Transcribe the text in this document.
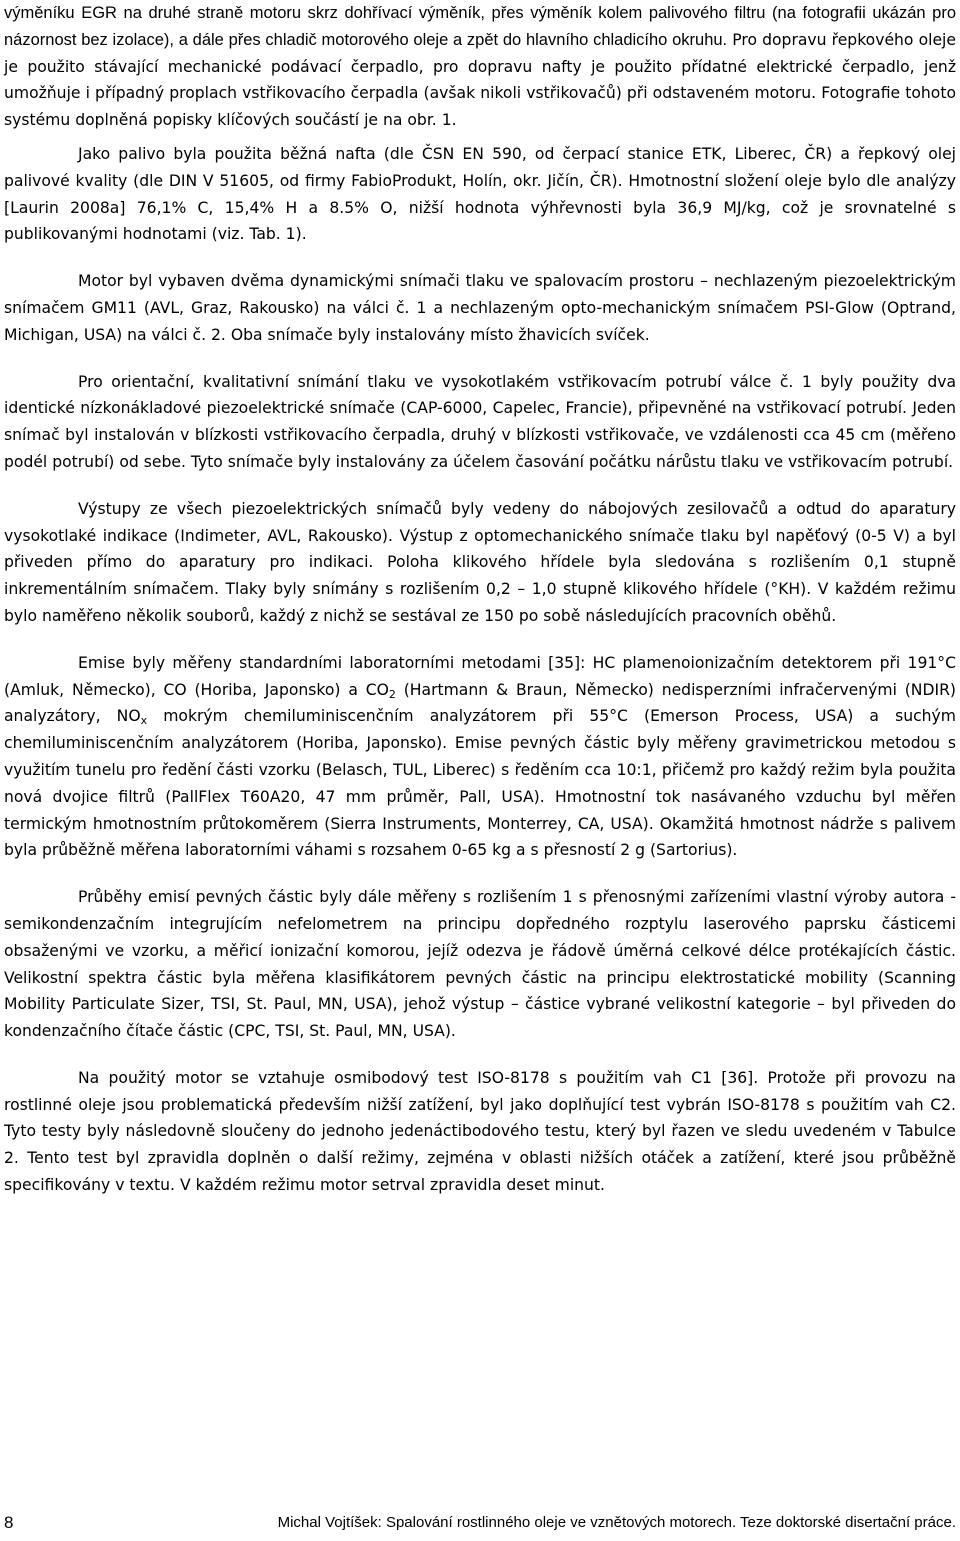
výměníku EGR na druhé straně motoru skrz dohřívací výměník, přes výměník kolem palivového filtru (na fotografii ukázán pro názornost bez izolace), a dále přes chladič motorového oleje a zpět do hlavního chladicího okruhu. Pro dopravu řepkového oleje je použito stávající mechanické podávací čerpadlo, pro dopravu nafty je použito přídatné elektrické čerpadlo, jenž umožňuje i případný proplach vstřikovacího čerpadla (avšak nikoli vstřikovačů) při odstaveném motoru. Fotografie tohoto systému doplněná popisky klíčových součástí je na obr. 1.

Jako palivo byla použita běžná nafta (dle ČSN EN 590, od čerpací stanice ETK, Liberec, ČR) a řepkový olej palivové kvality (dle DIN V 51605, od firmy FabioProdukt, Holín, okr. Jičín, ČR). Hmotnostní složení oleje bylo dle analýzy [Laurin 2008a] 76,1% C, 15,4% H a 8.5% O, nižší hodnota výhřevnosti byla 36,9 MJ/kg, což je srovnatelné s publikovanými hodnotami (viz. Tab. 1).

Motor byl vybaven dvěma dynamickými snímači tlaku ve spalovacím prostoru – nechlazeným piezoelektrickým snímačem GM11 (AVL, Graz, Rakousko) na válci č. 1 a nechlazeným opto-mechanickým snímačem PSI-Glow (Optrand, Michigan, USA) na válci č. 2. Oba snímače byly instalovány místo žhavicích svíček.

Pro orientační, kvalitativní snímání tlaku ve vysokotlakém vstřikovacím potrubí válce č. 1 byly použity dva identické nízkonákladové piezoelektrické snímače (CAP-6000, Capelec, Francie), připevněné na vstřikovací potrubí. Jeden snímač byl instalován v blízkosti vstřikovacího čerpadla, druhý v blízkosti vstřikovače, ve vzdálenosti cca 45 cm (měřeno podél potrubí) od sebe. Tyto snímače byly instalovány za účelem časování počátku nárůstu tlaku ve vstřikovacím potrubí.

Výstupy ze všech piezoelektrických snímačů byly vedeny do nábojových zesilovačů a odtud do aparatury vysokotlaké indikace (Indimeter, AVL, Rakousko). Výstup z optomechanického snímače tlaku byl napěťový (0-5 V) a byl přiveden přímo do aparatury pro indikaci. Poloha klikového hřídele byla sledována s rozlišením 0,1 stupně inkrementálním snímačem. Tlaky byly snímány s rozlišením 0,2 – 1,0 stupně klikového hřídele (°KH). V každém režimu bylo naměřeno několik souborů, každý z nichž se sestával ze 150 po sobě následujících pracovních oběhů.

Emise byly měřeny standardními laboratorními metodami [35]: HC plamenoionizačním detektorem při 191°C (Amluk, Německo), CO (Horiba, Japonsko) a $CO_2$ (Hartmann & Braun, Německo) nedisperzními infračervenými (NDIR) analyzátory, $NO_x$ mokrým chemiluminiscenčním analyzátorem při 55°C (Emerson Process, USA) a suchým chemiluminiscenčním analyzátorem (Horiba, Japonsko). Emise pevných částic byly měřeny gravimetrickou metodou s využitím tunelu pro ředění části vzorku (Belasch, TUL, Liberec) s ředěním cca 10:1, přičemž pro každý režim byla použita nová dvojice filtrů (PallFlex T60A20, 47 mm průměr, Pall, USA). Hmotnostní tok nasávaného vzduchu byl měřen termickým hmotnostním průtokoměrem (Sierra Instruments, Monterrey, CA, USA). Okamžitá hmotnost nádrže s palivem byla průběžně měřena laboratorními váhami s rozsahem 0-65 kg a s přesností 2 g (Sartorius).

Průběhy emisí pevných částic byly dále měřeny s rozlišením 1 s přenosnými zařízeními vlastní výroby autora - semikondenzačním integrujícím nefelometrem na principu dopředného rozptylu laserového paprsku částicemi obsaženými ve vzorku, a měřicí ionizační komorou, jejíž odezva je řádově úměrná celkové délce protékajících částic. Velikostní spektra částic byla měřena klasifikátorem pevných částic na principu elektrostatické mobility (Scanning Mobility Particulate Sizer, TSI, St. Paul, MN, USA), jehož výstup – částice vybrané velikostní kategorie – byl přiveden do kondenzačního čítače částic (CPC, TSI, St. Paul, MN, USA).

Na použitý motor se vztahuje osmibodový test ISO-8178 s použitím vah C1 [36]. Protože při provozu na rostlinné oleje jsou problematická především nižší zatížení, byl jako doplňující test vybrán ISO-8178 s použitím vah C2. Tyto testy byly následovně sloučeny do jednoho jedenáctibodového testu, který byl řazen ve sledu uvedeném v Tabulce 2. Tento test byl zpravidla doplněn o další režimy, zejména v oblasti nižších otáček a zatížení, které jsou průběžně specifikovány v textu. V každém režimu motor setrval zpravidla deset minut.

8	Michal Vojtíšek: Spalování rostlinného oleje ve vznětových motorech. Teze doktorské disertační práce.
